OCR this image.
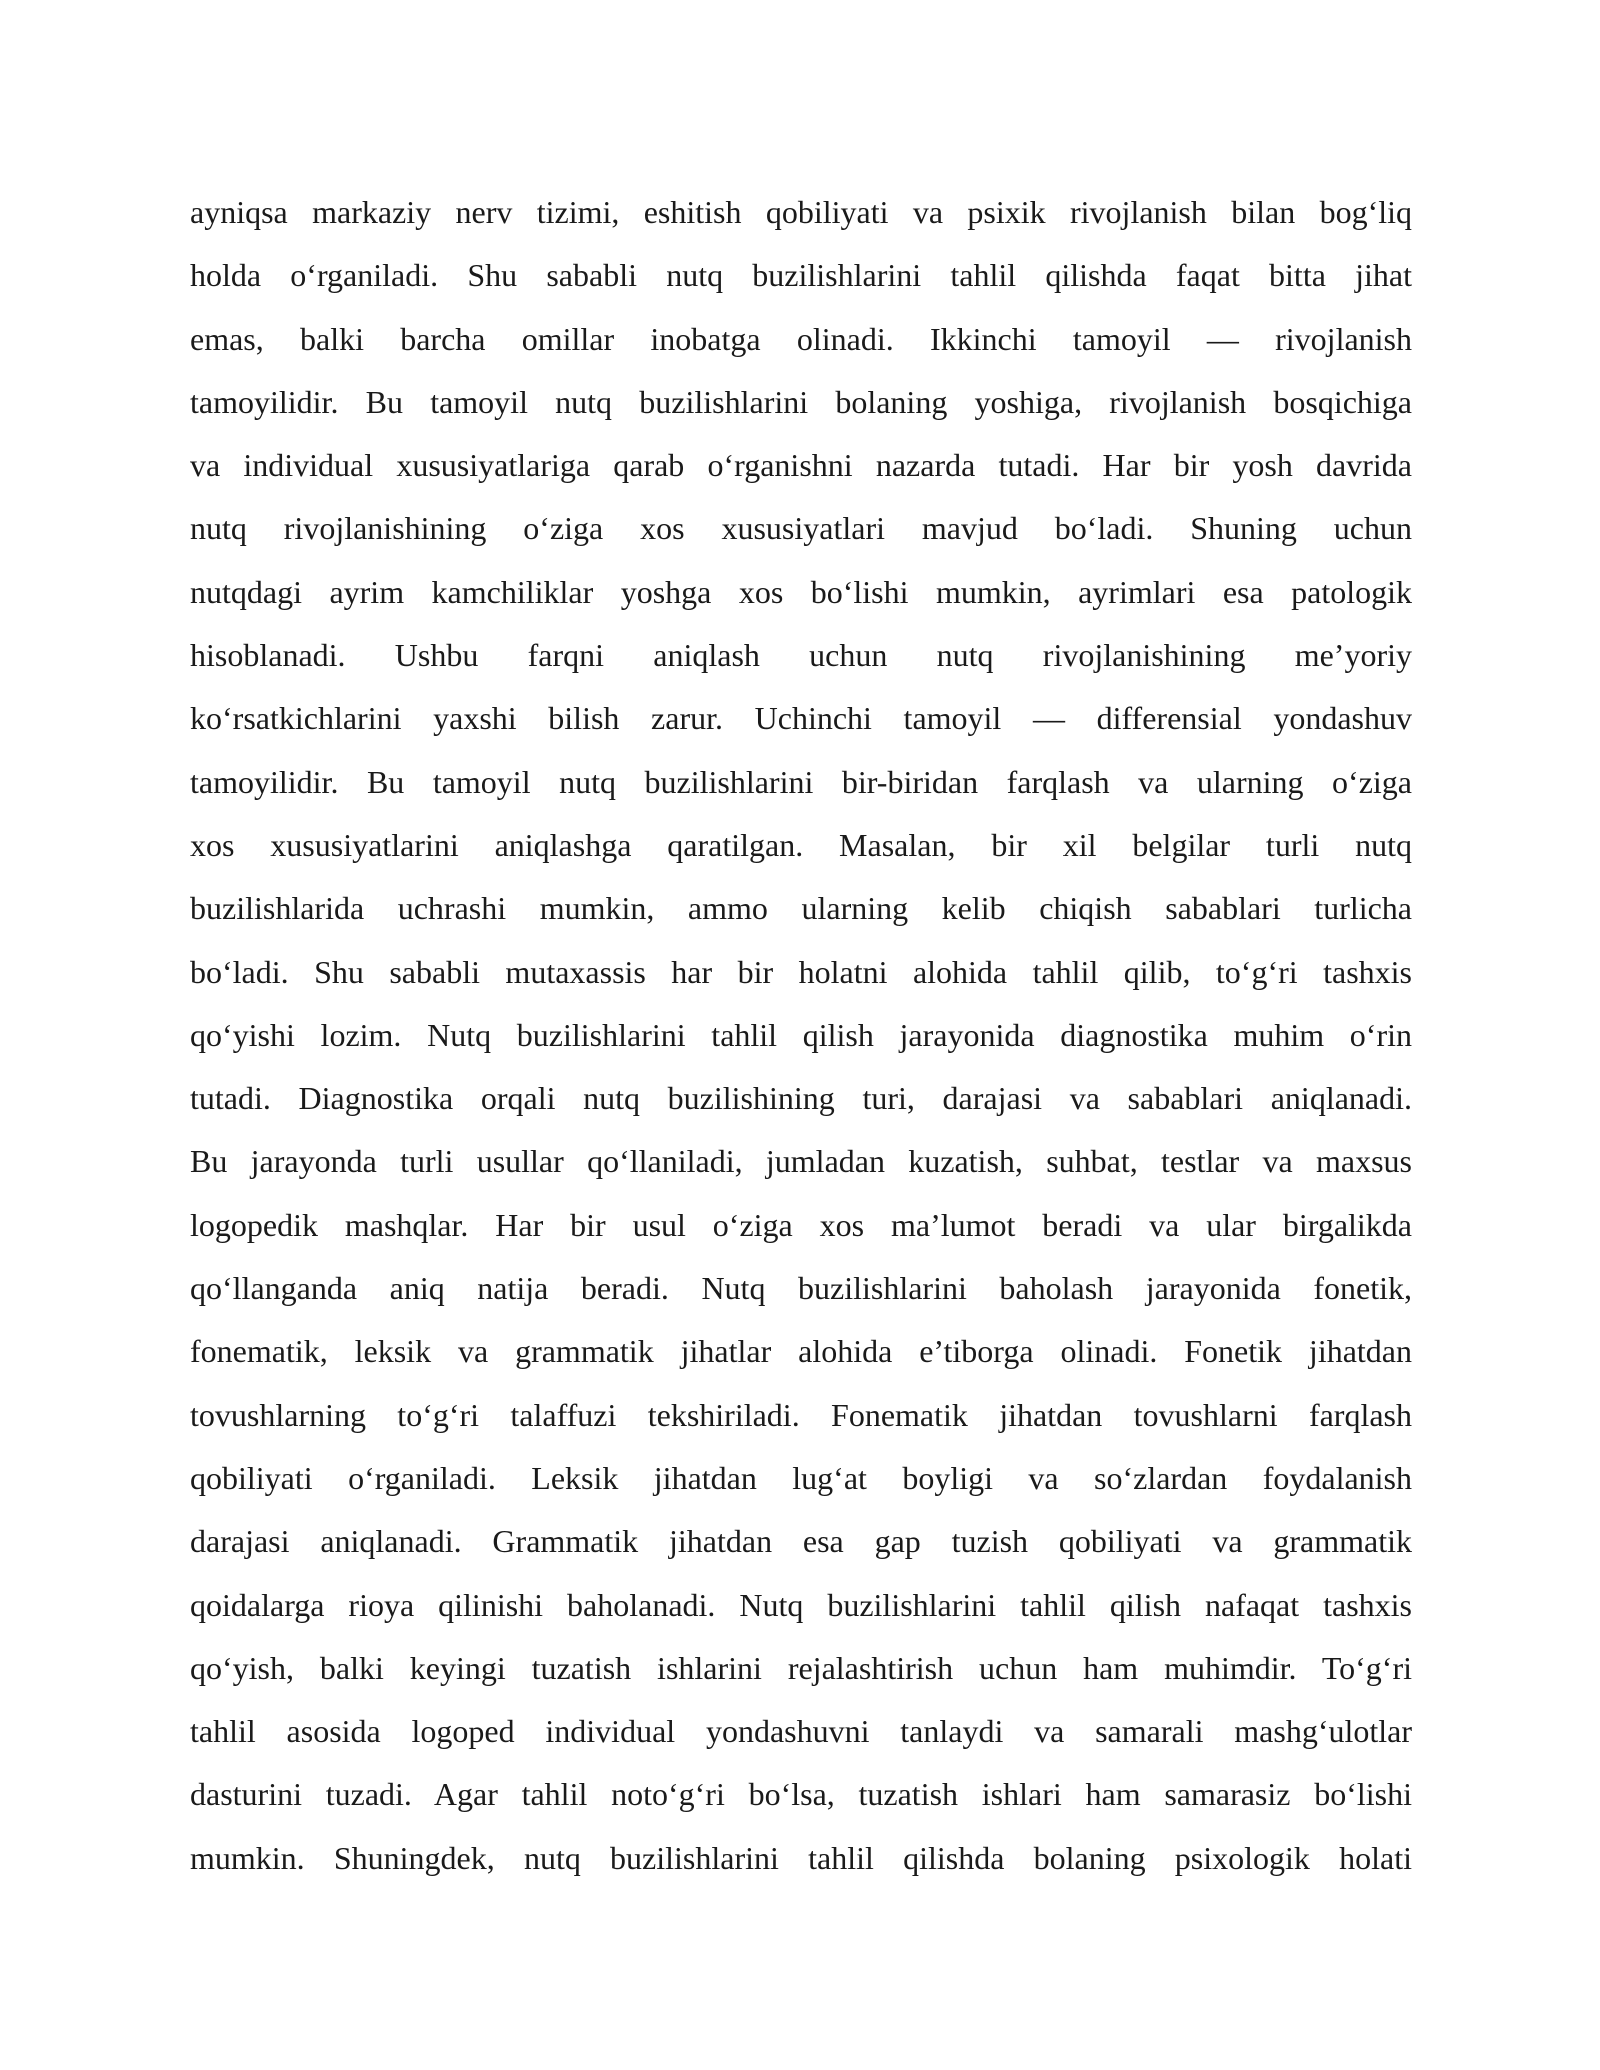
ayniqsa markaziy nerv tizimi, eshitish qobiliyati va psixik rivojlanish bilan bog‘liq
holda o‘rganiladi. Shu sababli nutq buzilishlarini tahlil qilishda faqat bitta jihat
emas, balki barcha omillar inobatga olinadi. Ikkinchi tamoyil — rivojlanish
tamoyilidir. Bu tamoyil nutq buzilishlarini bolaning yoshiga, rivojlanish bosqichiga
va individual xususiyatlariga qarab o‘rganishni nazarda tutadi. Har bir yosh davrida
nutq rivojlanishining o‘ziga xos xususiyatlari mavjud bo‘ladi. Shuning uchun
nutqdagi ayrim kamchiliklar yoshga xos bo‘lishi mumkin, ayrimlari esa patologik
hisoblanadi. Ushbu farqni aniqlash uchun nutq rivojlanishining me’yoriy
ko‘rsatkichlarini yaxshi bilish zarur. Uchinchi tamoyil — differensial yondashuv
tamoyilidir. Bu tamoyil nutq buzilishlarini bir-biridan farqlash va ularning o‘ziga
xos xususiyatlarini aniqlashga qaratilgan. Masalan, bir xil belgilar turli nutq
buzilishlarida uchrashi mumkin, ammo ularning kelib chiqish sabablari turlicha
bo‘ladi. Shu sababli mutaxassis har bir holatni alohida tahlil qilib, to‘g‘ri tashxis
qo‘yishi lozim. Nutq buzilishlarini tahlil qilish jarayonida diagnostika muhim o‘rin
tutadi. Diagnostika orqali nutq buzilishining turi, darajasi va sabablari aniqlanadi.
Bu jarayonda turli usullar qo‘llaniladi, jumladan kuzatish, suhbat, testlar va maxsus
logopedik mashqlar. Har bir usul o‘ziga xos ma’lumot beradi va ular birgalikda
qo‘llanganda aniq natija beradi. Nutq buzilishlarini baholash jarayonida fonetik,
fonematik, leksik va grammatik jihatlar alohida e’tiborga olinadi. Fonetik jihatdan
tovushlarning to‘g‘ri talaffuzi tekshiriladi. Fonematik jihatdan tovushlarni farqlash
qobiliyati o‘rganiladi. Leksik jihatdan lug‘at boyligi va so‘zlardan foydalanish
darajasi aniqlanadi. Grammatik jihatdan esa gap tuzish qobiliyati va grammatik
qoidalarga rioya qilinishi baholanadi. Nutq buzilishlarini tahlil qilish nafaqat tashxis
qo‘yish, balki keyingi tuzatish ishlarini rejalashtirish uchun ham muhimdir. To‘g‘ri
tahlil asosida logoped individual yondashuvni tanlaydi va samarali mashg‘ulotlar
dasturini tuzadi. Agar tahlil noto‘g‘ri bo‘lsa, tuzatish ishlari ham samarasiz bo‘lishi
mumkin. Shuningdek, nutq buzilishlarini tahlil qilishda bolaning psixologik holati
